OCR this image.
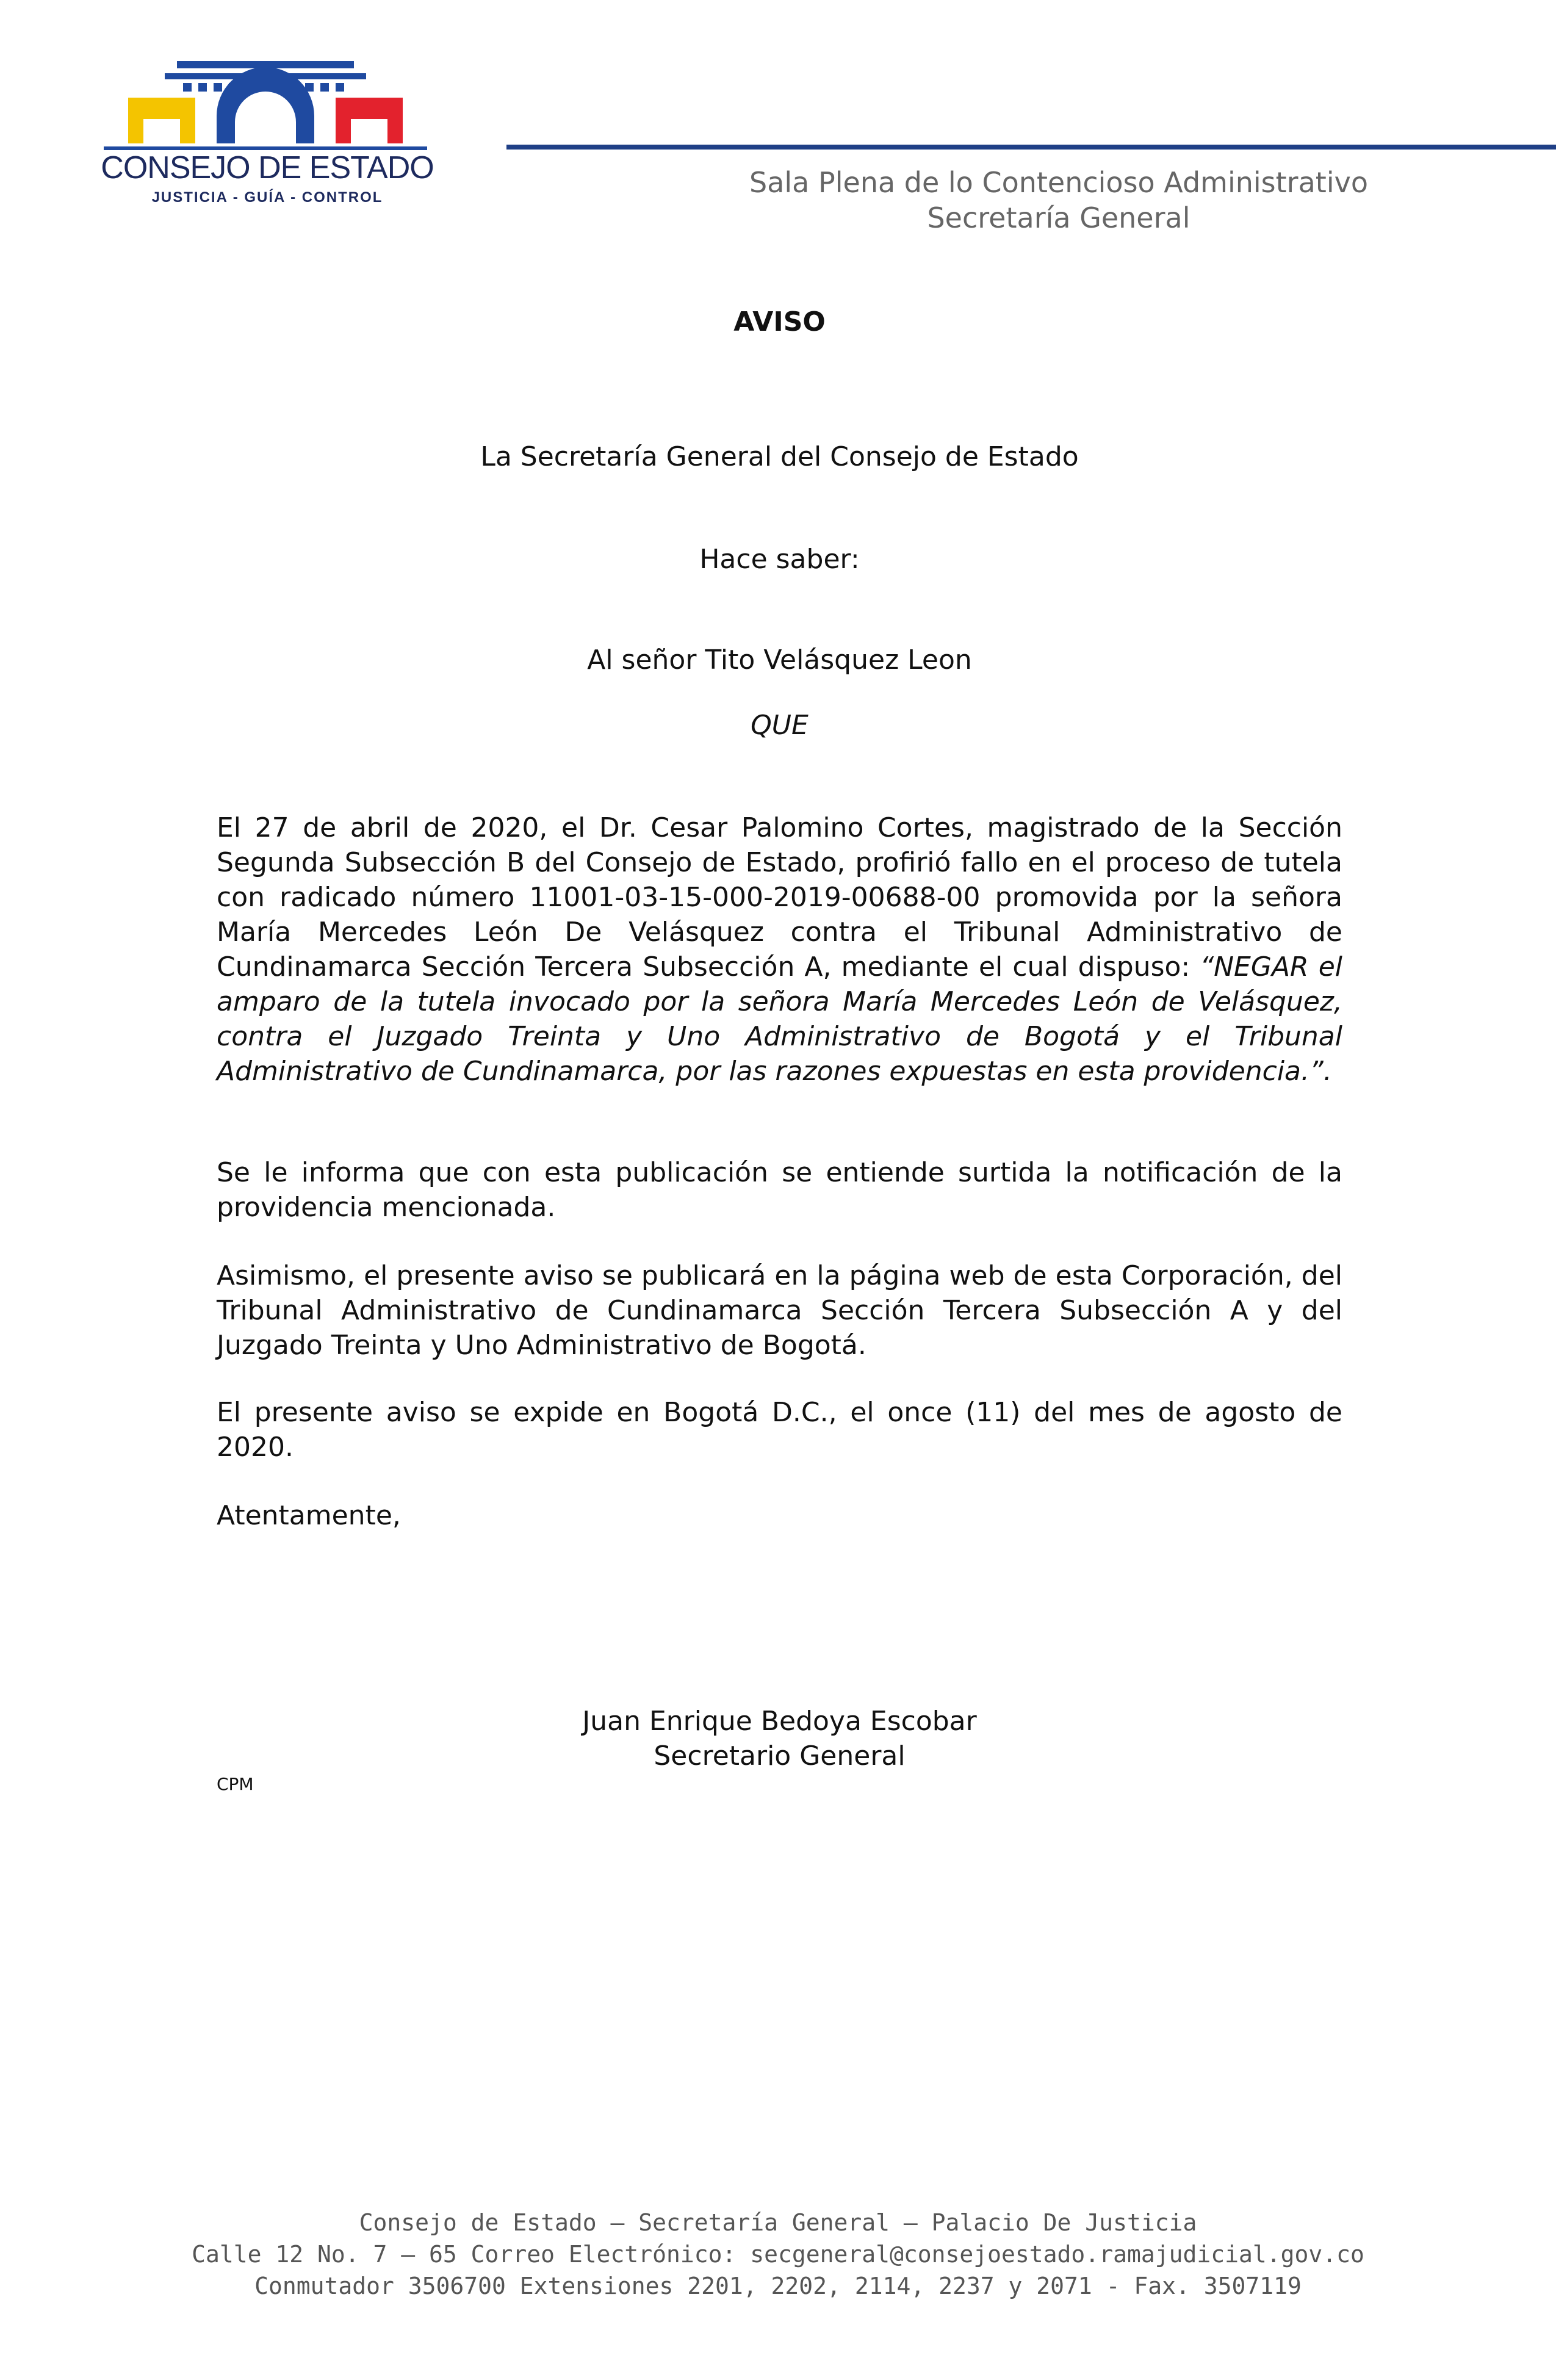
CONSEJO DE ESTADO
JUSTICIA - GUÍA - CONTROL	Sala Plena de lo Contencioso Administrativo
Secretaría General
AVISO
La Secretaría General del Consejo de Estado
Hace saber:
Al señor Tito Velásquez Leon
QUE
El 27 de abril de 2020, el Dr. Cesar Palomino Cortes, magistrado de la Sección Segunda Subsección B del Consejo de Estado, profirió fallo en el proceso de tutela con radicado número 11001-03-15-000-2019-00688-00 promovida por la señora María Mercedes León De Velásquez contra el Tribunal Administrativo de Cundinamarca Sección Tercera Subsección A, mediante el cual dispuso: “NEGAR el amparo de la tutela invocado por la señora María Mercedes León de Velásquez, contra el Juzgado Treinta y Uno Administrativo de Bogotá y el Tribunal Administrativo de Cundinamarca, por las razones expuestas en esta providencia.”.
Se le informa que con esta publicación se entiende surtida la notificación de la providencia mencionada.
Asimismo, el presente aviso se publicará en la página web de esta Corporación, del Tribunal Administrativo de Cundinamarca Sección Tercera Subsección A y del Juzgado Treinta y Uno Administrativo de Bogotá.
El presente aviso se expide en Bogotá D.C., el once (11) del mes de agosto de 2020.
Atentamente,
Juan Enrique Bedoya Escobar
Secretario General
CPM
Consejo de Estado – Secretaría General – Palacio De Justicia
Calle 12 No. 7 – 65 Correo Electrónico: secgeneral@consejoestado.ramajudicial.gov.co
Conmutador 3506700 Extensiones 2201, 2202, 2114, 2237 y 2071 - Fax. 3507119
